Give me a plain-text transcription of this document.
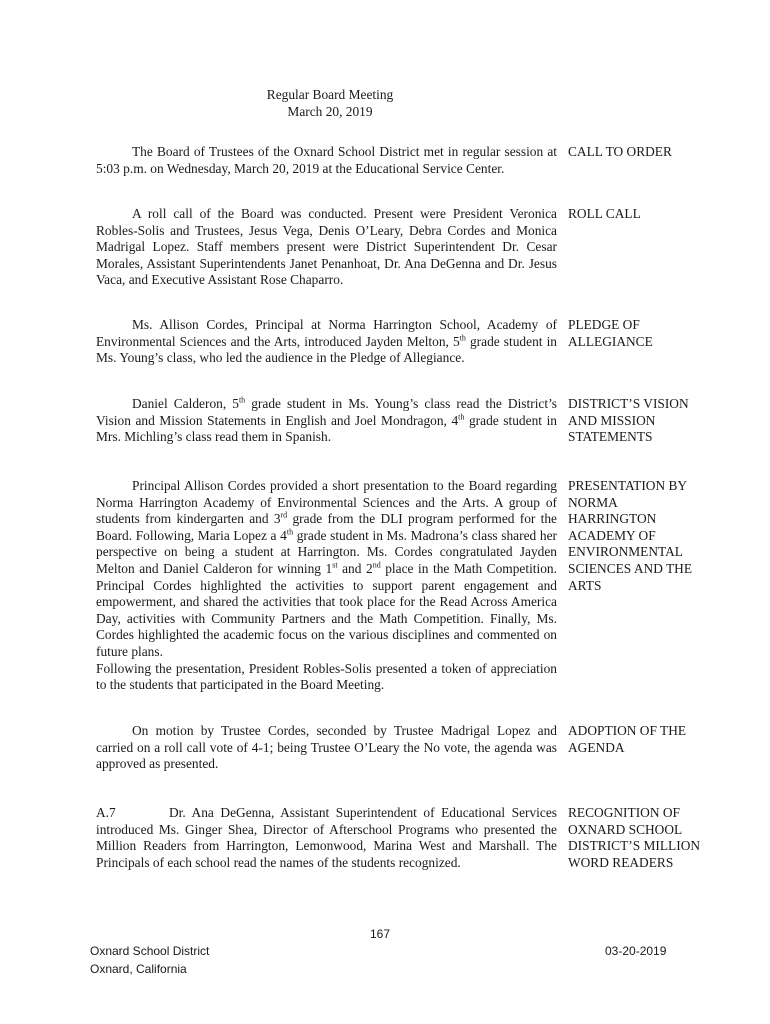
Regular Board Meeting
March 20, 2019

The Board of Trustees of the Oxnard School District met in regular session at 5:03 p.m. on Wednesday, March 20, 2019 at the Educational Service Center.

CALL TO ORDER

A roll call of the Board was conducted. Present were President Veronica Robles-Solis and Trustees, Jesus Vega, Denis O’Leary, Debra Cordes and Monica Madrigal Lopez. Staff members present were District Superintendent Dr. Cesar Morales, Assistant Superintendents Janet Penanhoat, Dr. Ana DeGenna and Dr. Jesus Vaca, and Executive Assistant Rose Chaparro.

ROLL CALL

Ms. Allison Cordes, Principal at Norma Harrington School, Academy of Environmental Sciences and the Arts, introduced Jayden Melton, 5th grade student in Ms. Young’s class, who led the audience in the Pledge of Allegiance.

PLEDGE OF ALLEGIANCE

Daniel Calderon, 5th grade student in Ms. Young’s class read the District’s Vision and Mission Statements in English and Joel Mondragon, 4th grade student in Mrs. Michling’s class read them in Spanish.

DISTRICT’S VISION AND MISSION STATEMENTS

Principal Allison Cordes provided a short presentation to the Board regarding Norma Harrington Academy of Environmental Sciences and the Arts. A group of students from kindergarten and 3rd grade from the DLI program performed for the Board. Following, Maria Lopez a 4th grade student in Ms. Madrona’s class shared her perspective on being a student at Harrington. Ms. Cordes congratulated Jayden Melton and Daniel Calderon for winning 1st and 2nd place in the Math Competition. Principal Cordes highlighted the activities to support parent engagement and empowerment, and shared the activities that took place for the Read Across America Day, activities with Community Partners and the Math Competition. Finally, Ms. Cordes highlighted the academic focus on the various disciplines and commented on future plans.

Following the presentation, President Robles-Solis presented a token of appreciation to the students that participated in the Board Meeting.

PRESENTATION BY NORMA HARRINGTON ACADEMY OF ENVIRONMENTAL SCIENCES AND THE ARTS

On motion by Trustee Cordes, seconded by Trustee Madrigal Lopez and carried on a roll call vote of 4-1; being Trustee O’Leary the No vote, the agenda was approved as presented.

ADOPTION OF THE AGENDA

A.7	Dr. Ana DeGenna, Assistant Superintendent of Educational Services introduced Ms. Ginger Shea, Director of Afterschool Programs who presented the Million Readers from Harrington, Lemonwood, Marina West and Marshall. The Principals of each school read the names of the students recognized.

RECOGNITION OF OXNARD SCHOOL DISTRICT’S MILLION WORD READERS
167
Oxnard School District
Oxnard, California
03-20-2019
